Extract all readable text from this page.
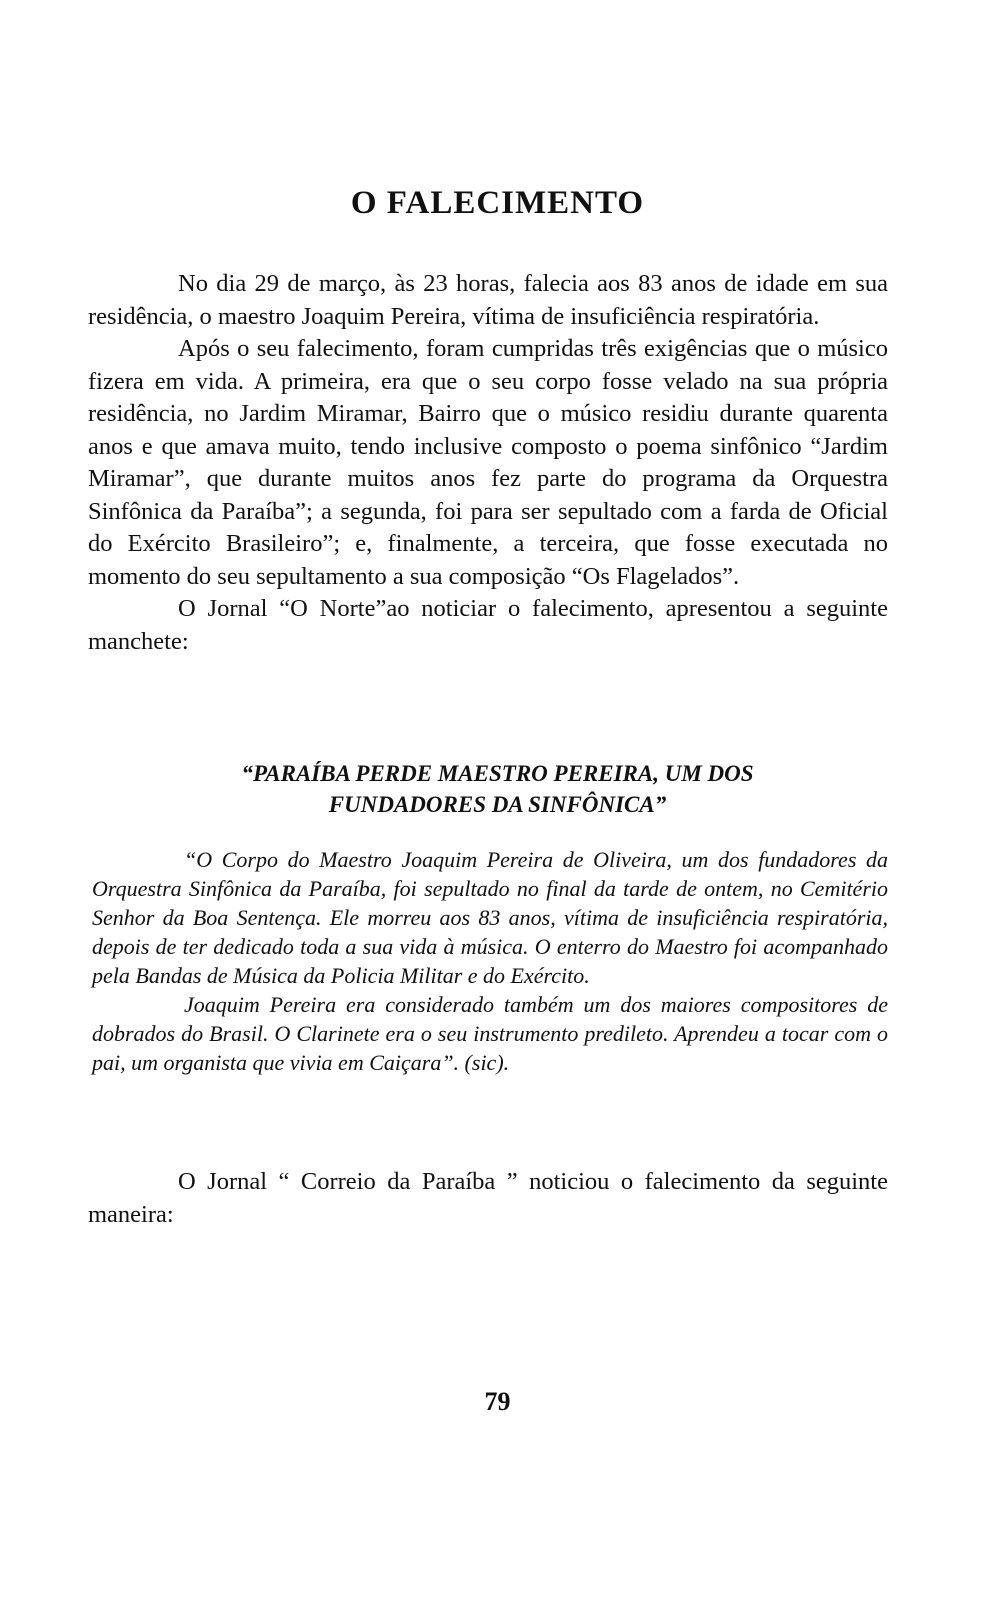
O FALECIMENTO

No dia 29 de março, às 23 horas, falecia aos 83 anos de idade em sua residência, o maestro Joaquim Pereira, vítima de insuficiência respiratória.

Após o seu falecimento, foram cumpridas três exigências que o músico fizera em vida. A primeira, era que o seu corpo fosse velado na sua própria residência, no Jardim Miramar, Bairro que o músico residiu durante quarenta anos e que amava muito, tendo inclusive composto o poema sinfônico “Jardim Miramar”, que durante muitos anos fez parte do programa da Orquestra Sinfônica da Paraíba”; a segunda, foi para ser sepultado com a farda de Oficial do Exército Brasileiro”; e, finalmente, a terceira, que fosse executada no momento do seu sepultamento a sua composição “Os Flagelados”.

O Jornal “O Norte”ao noticiar o falecimento, apresentou a seguinte manchete:

“PARAÍBA PERDE MAESTRO PEREIRA, UM DOS
FUNDADORES DA SINFÔNICA”

“O Corpo do Maestro Joaquim Pereira de Oliveira, um dos fundadores da Orquestra Sinfônica da Paraíba, foi sepultado no final da tarde de ontem, no Cemitério Senhor da Boa Sentença. Ele morreu aos 83 anos, vítima de insuficiência respiratória, depois de ter dedicado toda a sua vida à música. O enterro do Maestro foi acompanhado pela Bandas de Música da Policia Militar e do Exército.

Joaquim Pereira era considerado também um dos maiores compositores de dobrados do Brasil. O Clarinete era o seu instrumento predileto. Aprendeu a tocar com o pai, um organista que vivia em Caiçara”. (sic).

O Jornal “ Correio da Paraíba ” noticiou o falecimento da seguinte maneira:

79
